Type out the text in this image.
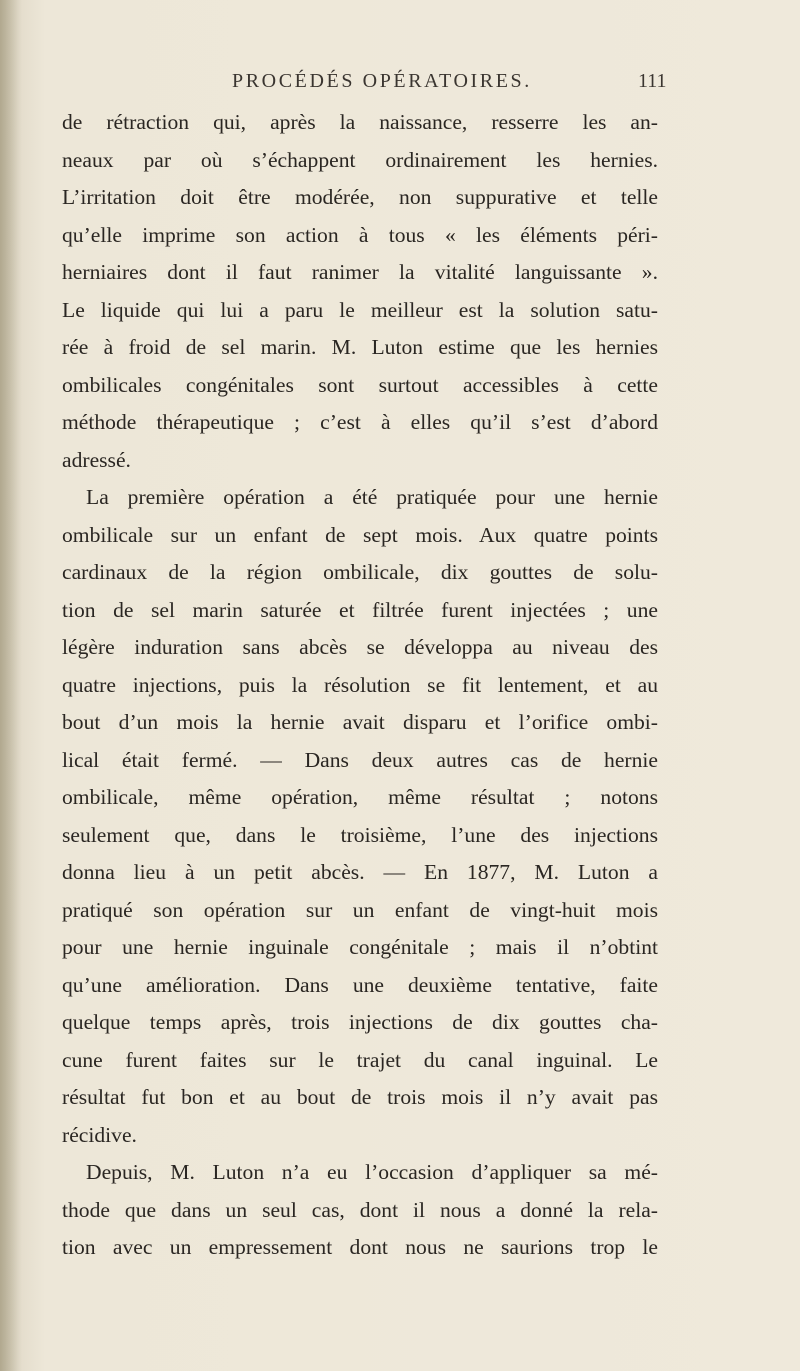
PROCÉDÉS OPÉRATOIRES.	111
de rétraction qui, après la naissance, resserre les an-
neaux par où s’échappent ordinairement les hernies.
L’irritation doit être modérée, non suppurative et telle
qu’elle imprime son action à tous « les éléments péri-
herniaires dont il faut ranimer la vitalité languissante ».
Le liquide qui lui a paru le meilleur est la solution satu-
rée à froid de sel marin. M. Luton estime que les hernies
ombilicales congénitales sont surtout accessibles à cette
méthode thérapeutique ; c’est à elles qu’il s’est d’abord
adressé.
La première opération a été pratiquée pour une hernie
ombilicale sur un enfant de sept mois. Aux quatre points
cardinaux de la région ombilicale, dix gouttes de solu-
tion de sel marin saturée et filtrée furent injectées ; une
légère induration sans abcès se développa au niveau des
quatre injections, puis la résolution se fit lentement, et au
bout d’un mois la hernie avait disparu et l’orifice ombi-
lical était fermé. — Dans deux autres cas de hernie
ombilicale, même opération, même résultat ; notons
seulement que, dans le troisième, l’une des injections
donna lieu à un petit abcès. — En 1877, M. Luton a
pratiqué son opération sur un enfant de vingt-huit mois
pour une hernie inguinale congénitale ; mais il n’obtint
qu’une amélioration. Dans une deuxième tentative, faite
quelque temps après, trois injections de dix gouttes cha-
cune furent faites sur le trajet du canal inguinal. Le
résultat fut bon et au bout de trois mois il n’y avait pas
récidive.
Depuis, M. Luton n’a eu l’occasion d’appliquer sa mé-
thode que dans un seul cas, dont il nous a donné la rela-
tion avec un empressement dont nous ne saurions trop le
